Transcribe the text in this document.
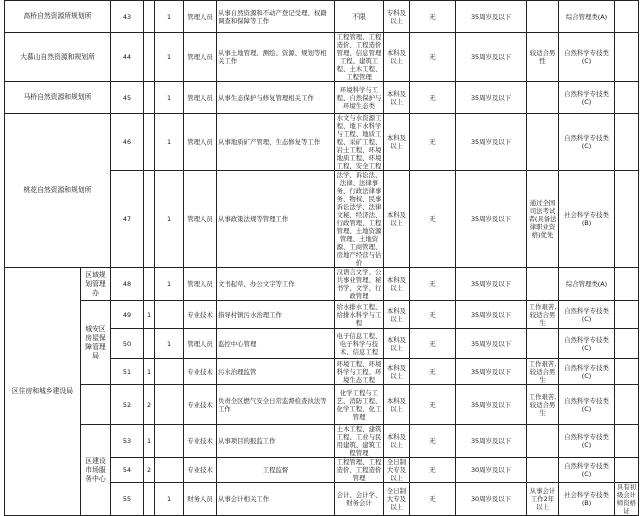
高桥自然资源所规划所		43		1	管理人员	从事自然资源和不动产登记受理、权籍调查和保障等工作	不限	专科及以上	无	35周岁及以下		综合管理类(A)	
大慕山自然资源和规划所		44		1	管理人员	从事土地管理、测绘、资源、规划等相关工作	工程管理、工程造价、工程造价管理、信息管理工程、建筑工程、土木工程、工程管理	本科及以上	无	35周岁及以下	较适合男性	自然科学专技类(C)	
马桥自然资源和规划所		45		1	管理人员	从事生态保护与修复管理相关工作	环境科学与工程、自然保护与环境生态类	本科及以上	无	35周岁及以下		自然科学专技类(C)	
桃花自然资源和规划所		46		1	管理人员	从事地质矿产管理、生态修复等工作	水文与水资源工程、地下水科学与工程、地质工程、采矿工程、岩土工程、环境地质工程、环境工程、安全工程	本科及以上	无	35周岁及以下		自然科学专技类(C)	
		47		1	管理人员	从事政策法规等管理工作	法学、诉讼法、法律、法律事务、行政法律事务、物权、民事诉讼法学、法律文秘、经济法、行政管理、工程管理、土地资源管理、土地资源、工商管理、房地产经营与估价	本科及以上	无	35周岁及以下	通过全国司法考试者(具备法律职业资格)优先	社会科学专技类(B)	
区住房和城乡建设局	区域规划管理办	48		1	管理人员	文书起草、办公文字等工作	汉语言文学、公共事业管理、秘书学、文学、行政管理	本科及以上	无	35周岁及以下		综合管理类(A)	
	城安区房屋保障管理局	49	1		专业技术	指导村镇污水治理工作	给水排水工程、给排水科学与工程	本科及以上	无	35周岁及以下	工作艰苦,较适合男生	自然科学专技类(C)	
		50		1	管理人员	监控中心管理	电子信息工程、电子科学与技术、信息工程	本科及以上	无	35周岁及以下		自然科学专技类(C)	
		51	1		专业技术	污水治理监管	环境工程、环境科学与工程、环境生态工程	本科及以上	无	35周岁及以下	工作艰苦,较适合男生	自然科学专技类(C)	
		52	2		专业技术	负责全区燃气安全日常监督检查执法等工作	化学工程与工艺、消防工程、化学工程、化工管理	本科及以上	无	35周岁及以下	工作艰苦,较适合男生	自然科学专技类(C)	
	区建设市场服务中心	53	1		专业技术	从事项目的报监工作	土木工程、建筑工程、工业与民用建筑、建筑工程管理	本科及以上	无	35周岁及以下		自然科学专技类(C)	
		54	2		专业技术	工程监督	工程管理、工程造价、工程造价管理	全日制大专及以上	无	30周岁及以下		自然科学专技类(C)	
		55		1	财务人员	从事会计相关工作	会计、会计学、财务会计	全日制大专及以上	无	30周岁及以下	从事会计工作2年以上	社会科学专技类(B)	具有初级会计师资格证
